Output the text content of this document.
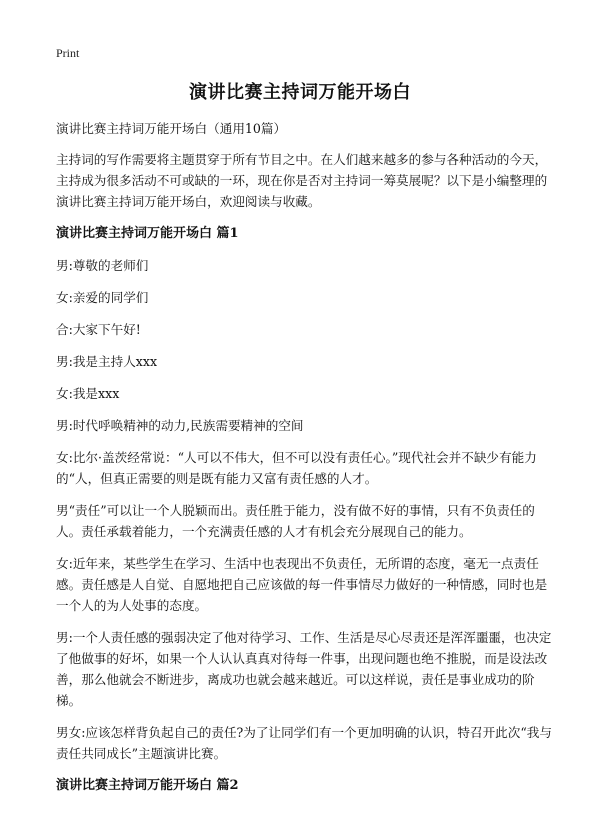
Print
演讲比赛主持词万能开场白

演讲比赛主持词万能开场白（通用10篇）

主持词的写作需要将主题贯穿于所有节目之中。在人们越来越多的参与各种活动的今天，主持成为很多活动不可或缺的一环，现在你是否对主持词一筹莫展呢？以下是小编整理的演讲比赛主持词万能开场白，欢迎阅读与收藏。

演讲比赛主持词万能开场白 篇1

男:尊敬的老师们

女:亲爱的同学们

合:大家下午好!

男:我是主持人xxx

女:我是xxx

男:时代呼唤精神的动力,民族需要精神的空间

女:比尔·盖茨经常说：“人可以不伟大，但不可以没有责任心。”现代社会并不缺少有能力的“人，但真正需要的则是既有能力又富有责任感的人才。

男“责任”可以让一个人脱颖而出。责任胜于能力，没有做不好的事情，只有不负责任的人。责任承载着能力，一个充满责任感的人才有机会充分展现自己的能力。

女:近年来，某些学生在学习、生活中也表现出不负责任，无所谓的态度，毫无一点责任感。责任感是人自觉、自愿地把自己应该做的每一件事情尽力做好的一种情感，同时也是一个人的为人处事的态度。

男:一个人责任感的强弱决定了他对待学习、工作、生活是尽心尽责还是浑浑噩噩，也决定了他做事的好坏，如果一个人认认真真对待每一件事，出现问题也绝不推脱，而是设法改善，那么他就会不断进步，离成功也就会越来越近。可以这样说，责任是事业成功的阶梯。

男女:应该怎样背负起自己的责任?为了让同学们有一个更加明确的认识，特召开此次“我与责任共同成长”主题演讲比赛。

演讲比赛主持词万能开场白 篇2
